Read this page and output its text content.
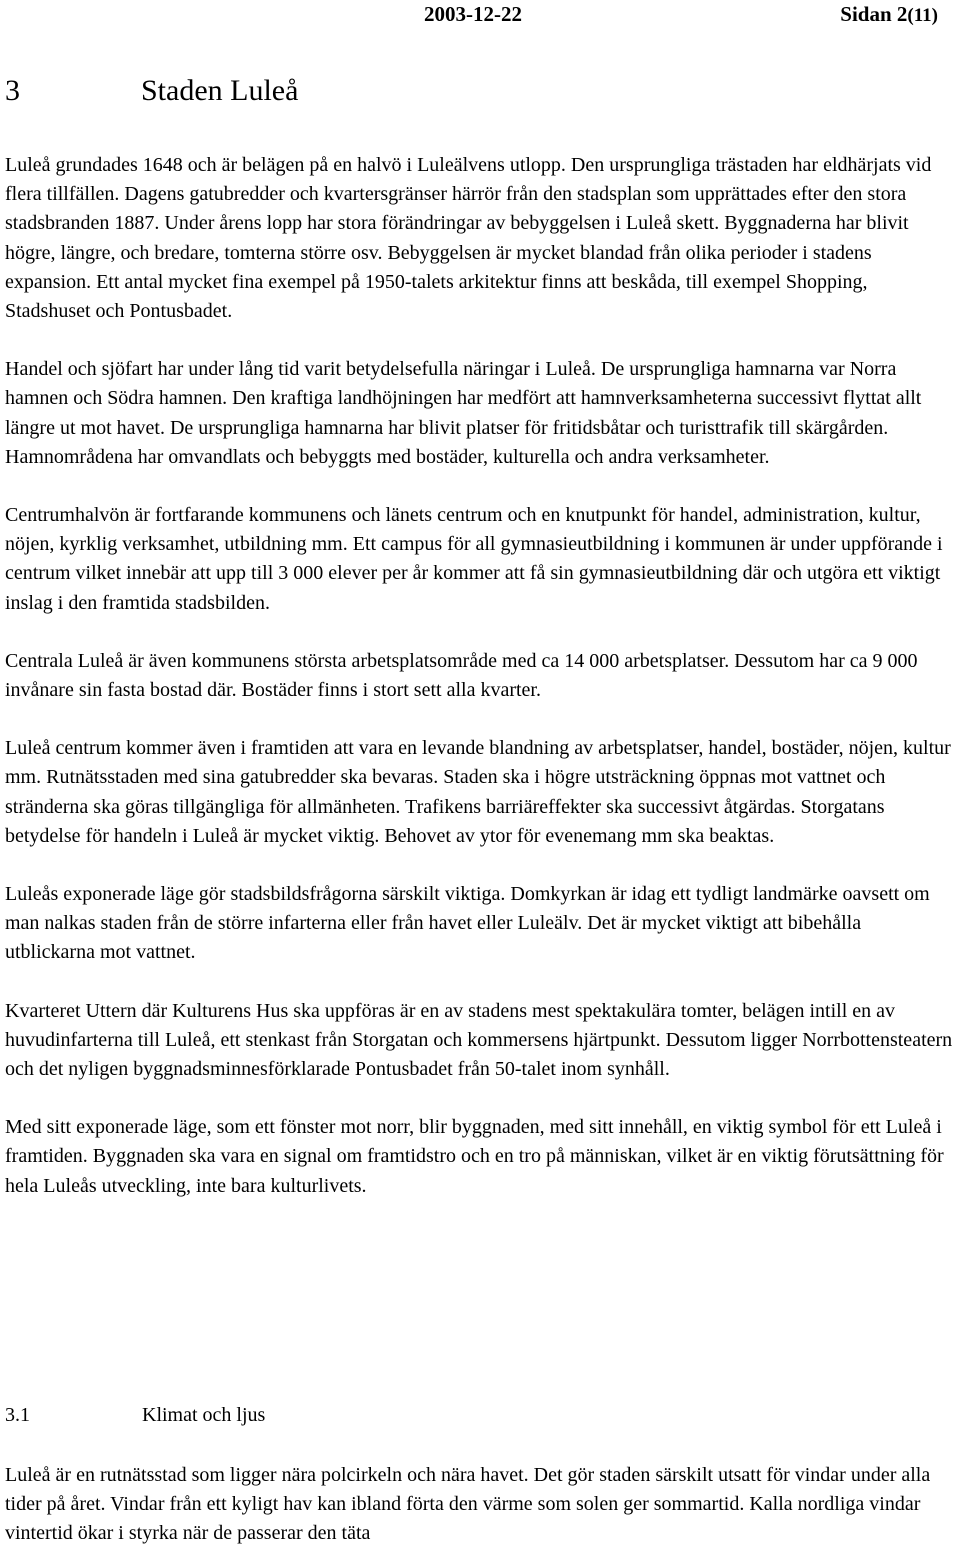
2003-12-22	Sidan 2(11)
3	Staden Luleå

Luleå grundades 1648 och är belägen på en halvö i Luleälvens utlopp. Den ursprungliga trästaden har eldhärjats vid flera tillfällen. Dagens gatubredder och kvartersgränser härrör från den stadsplan som upprättades efter den stora stadsbranden 1887. Under årens lopp har stora förändringar av bebyggelsen i Luleå skett. Byggnaderna har blivit högre, längre, och bredare, tomterna större osv. Bebyggelsen är mycket blandad från olika perioder i stadens expansion. Ett antal mycket fina exempel på 1950-talets arkitektur finns att beskåda, till exempel Shopping, Stadshuset och Pontusbadet.

Handel och sjöfart har under lång tid varit betydelsefulla näringar i Luleå. De ursprungliga hamnarna var Norra hamnen och Södra hamnen. Den kraftiga landhöjningen har medfört att hamnverksamheterna successivt flyttat allt längre ut mot havet. De ursprungliga hamnarna har blivit platser för fritidsbåtar och turisttrafik till skärgården. Hamnområdena har omvandlats och bebyggts med bostäder, kulturella och andra verksamheter.

Centrumhalvön är fortfarande kommunens och länets centrum och en knutpunkt för handel, administration, kultur, nöjen, kyrklig verksamhet, utbildning mm. Ett campus för all gymnasieutbildning i kommunen är under uppförande i centrum vilket innebär att upp till 3 000 elever per år kommer att få sin gymnasieutbildning där och utgöra ett viktigt inslag i den framtida stadsbilden.

Centrala Luleå är även kommunens största arbetsplatsområde med ca 14 000 arbetsplatser. Dessutom har ca 9 000 invånare sin fasta bostad där. Bostäder finns i stort sett alla kvarter.

Luleå centrum kommer även i framtiden att vara en levande blandning av arbetsplatser, handel, bostäder, nöjen, kultur mm. Rutnätsstaden med sina gatubredder ska bevaras. Staden ska i högre utsträckning öppnas mot vattnet och stränderna ska göras tillgängliga för allmänheten. Trafikens barriäreffekter ska successivt åtgärdas. Storgatans betydelse för handeln i Luleå är mycket viktig. Behovet av ytor för evenemang mm ska beaktas.

Luleås exponerade läge gör stadsbildsfrågorna särskilt viktiga. Domkyrkan är idag ett tydligt landmärke oavsett om man nalkas staden från de större infarterna eller från havet eller Luleälv. Det är mycket viktigt att bibehålla utblickarna mot vattnet.

Kvarteret Uttern där Kulturens Hus ska uppföras är en av stadens mest spektakulära tomter, belägen intill en av huvudinfarterna till Luleå, ett stenkast från Storgatan och kommersens hjärtpunkt. Dessutom ligger Norrbottensteatern och det nyligen byggnadsminnesförklarade Pontusbadet från 50-talet inom synhåll.

Med sitt exponerade läge, som ett fönster mot norr, blir byggnaden, med sitt innehåll, en viktig symbol för ett Luleå i framtiden. Byggnaden ska vara en signal om framtidstro och en tro på människan, vilket är en viktig förutsättning för hela Luleås utveckling, inte bara kulturlivets.

3.1	Klimat och ljus

Luleå är en rutnätsstad som ligger nära polcirkeln och nära havet. Det gör staden särskilt utsatt för vindar under alla tider på året. Vindar från ett kyligt hav kan ibland förta den värme som solen ger sommartid. Kalla nordliga vindar vintertid ökar i styrka när de passerar den täta
